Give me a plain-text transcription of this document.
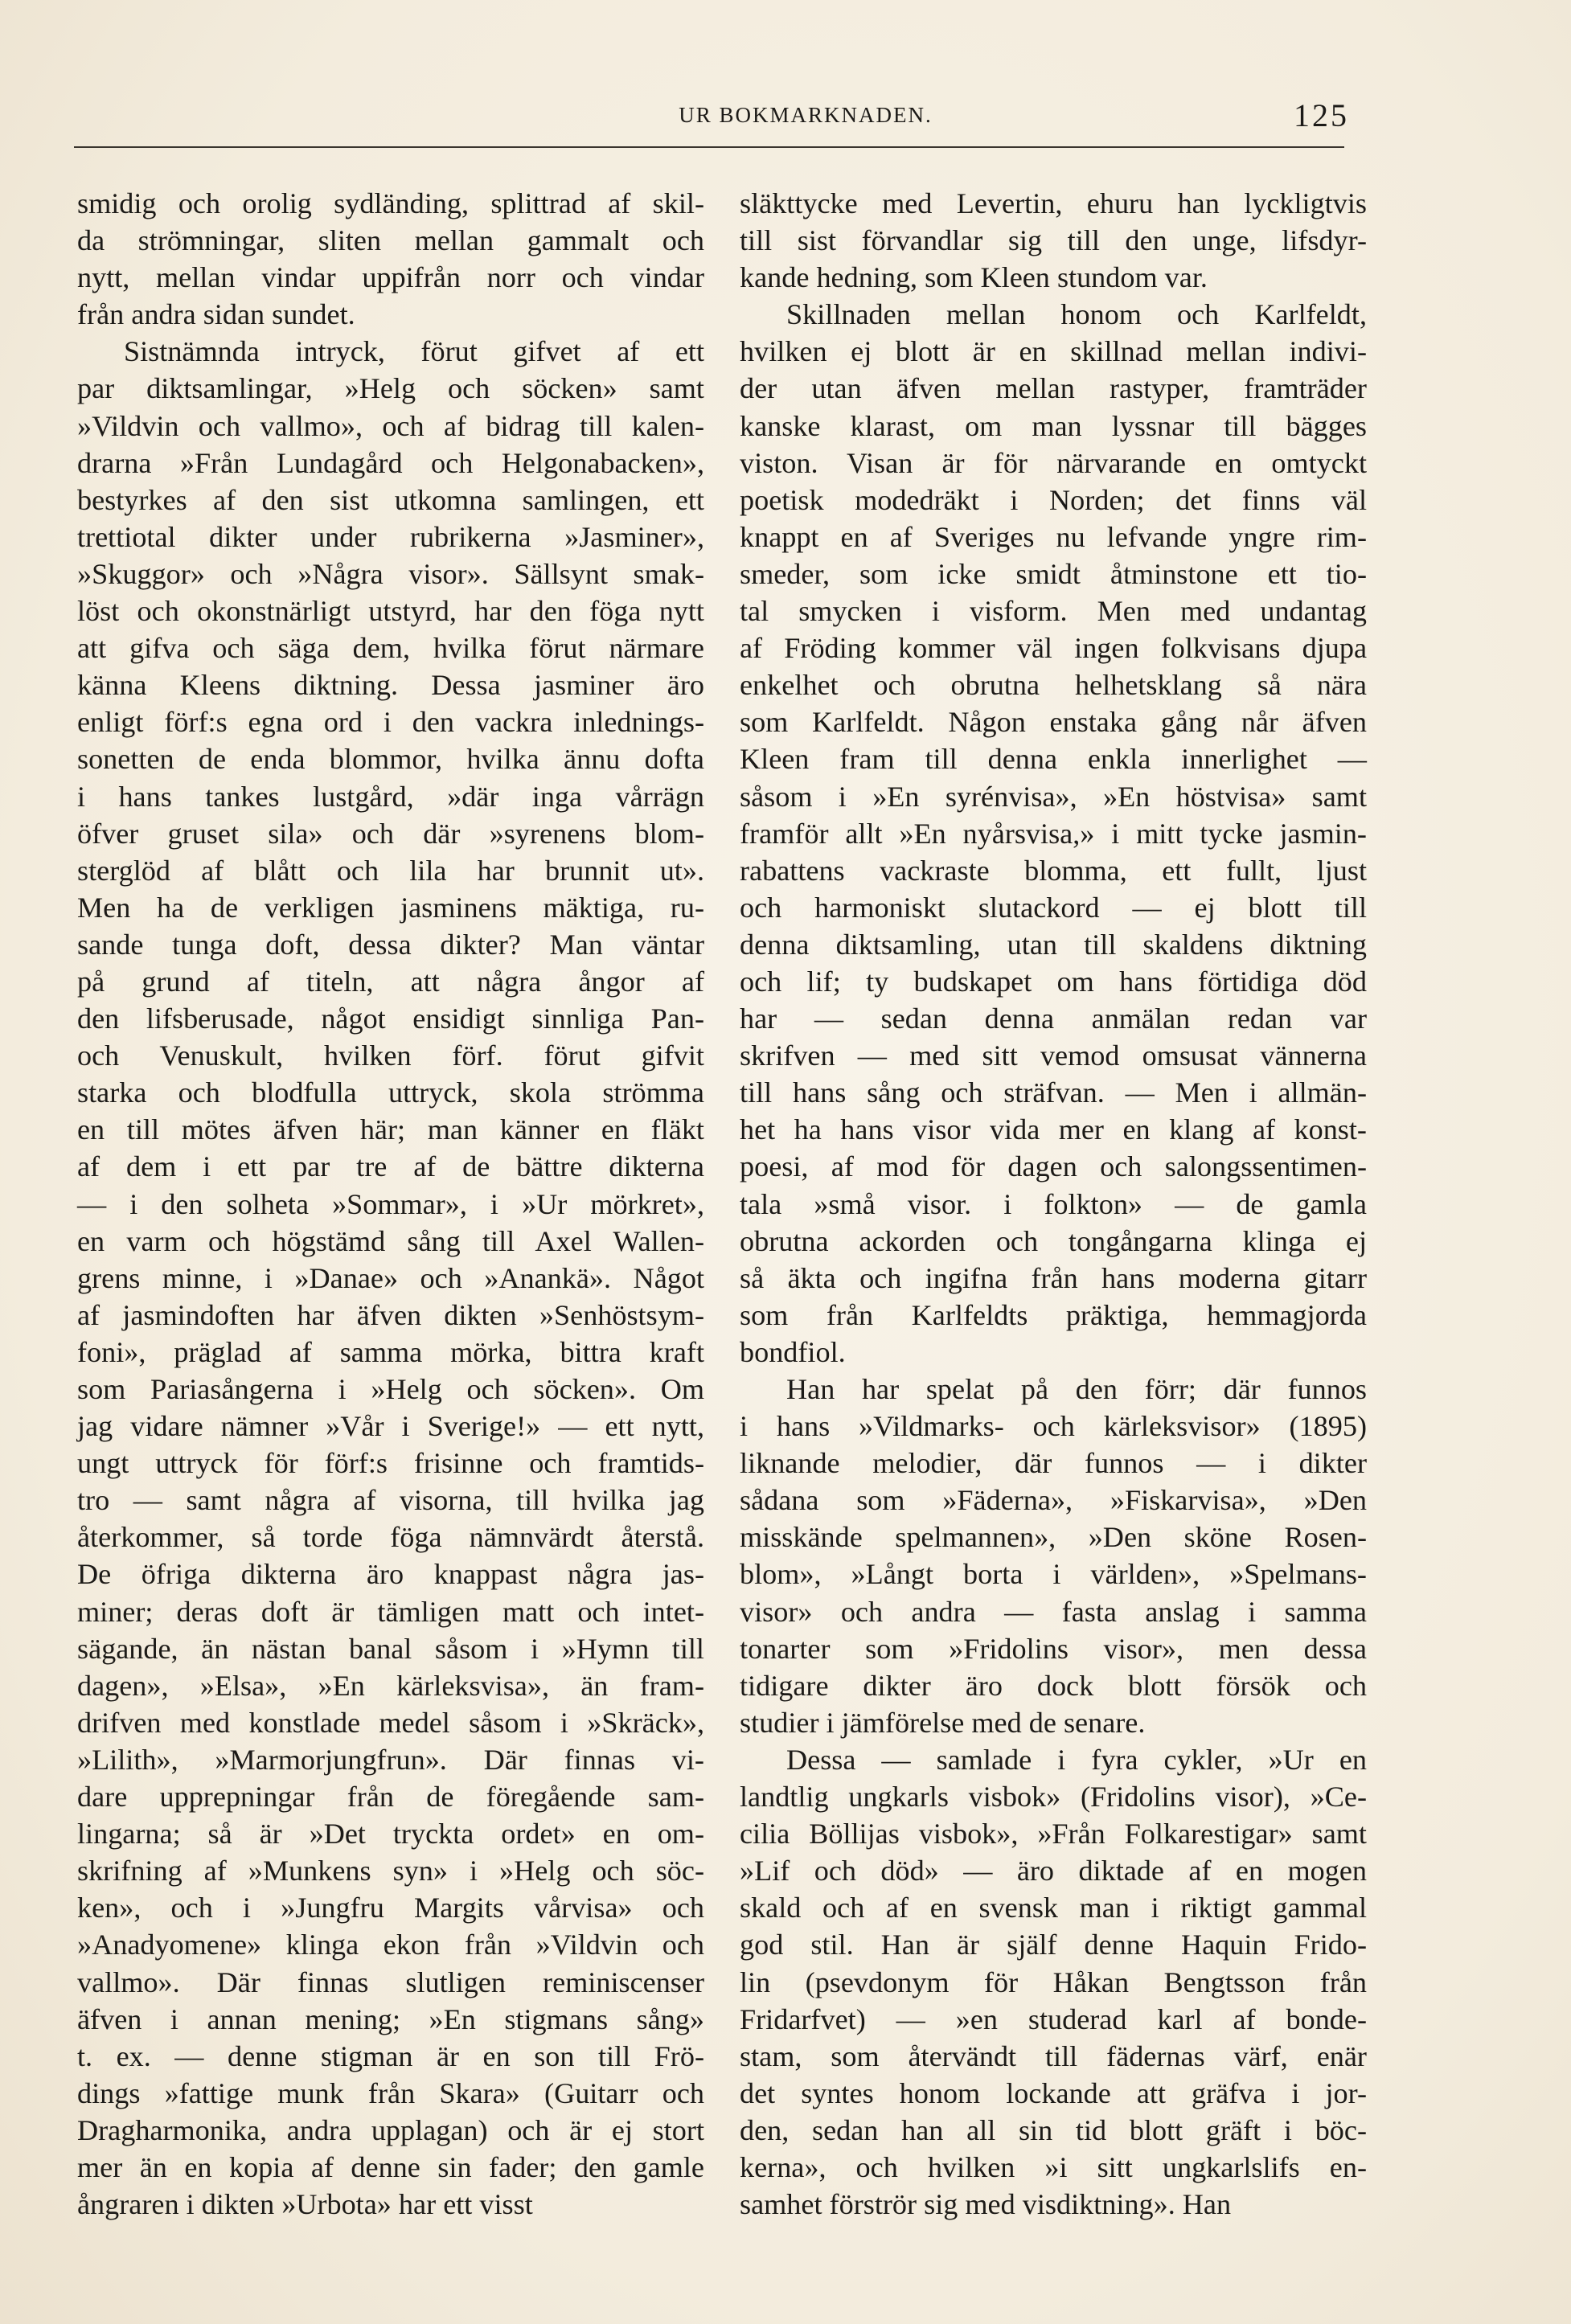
UR BOKMARKNADEN.	125
smidig och orolig sydländing, splittrad af skil-
da strömningar, sliten mellan gammalt och
nytt, mellan vindar uppifrån norr och vindar
från andra sidan sundet.
Sistnämnda intryck, förut gifvet af ett
par diktsamlingar, »Helg och söcken» samt
»Vildvin och vallmo», och af bidrag till kalen-
drarna »Från Lundagård och Helgonabacken»,
bestyrkes af den sist utkomna samlingen, ett
trettiotal dikter under rubrikerna »Jasminer»,
»Skuggor» och »Några visor». Sällsynt smak-
löst och okonstnärligt utstyrd, har den föga nytt
att gifva och säga dem, hvilka förut närmare
känna Kleens diktning. Dessa jasminer äro
enligt förf:s egna ord i den vackra inlednings-
sonetten de enda blommor, hvilka ännu dofta
i hans tankes lustgård, »där inga vårrägn
öfver gruset sila» och där »syrenens blom-
sterglöd af blått och lila har brunnit ut».
Men ha de verkligen jasminens mäktiga, ru-
sande tunga doft, dessa dikter? Man väntar
på grund af titeln, att några ångor af
den lifsberusade, något ensidigt sinnliga Pan-
och Venuskult, hvilken förf. förut gifvit
starka och blodfulla uttryck, skola strömma
en till mötes äfven här; man känner en fläkt
af dem i ett par tre af de bättre dikterna
— i den solheta »Sommar», i »Ur mörkret»,
en varm och högstämd sång till Axel Wallen-
grens minne, i »Danae» och »Anankä». Något
af jasmindoften har äfven dikten »Senhöstsym-
foni», präglad af samma mörka, bittra kraft
som Pariasångerna i »Helg och söcken». Om
jag vidare nämner »Vår i Sverige!» — ett nytt,
ungt uttryck för förf:s frisinne och framtids-
tro — samt några af visorna, till hvilka jag
återkommer, så torde föga nämnvärdt återstå.
De öfriga dikterna äro knappast några jas-
miner; deras doft är tämligen matt och intet-
sägande, än nästan banal såsom i »Hymn till
dagen», »Elsa», »En kärleksvisa», än fram-
drifven med konstlade medel såsom i »Skräck»,
»Lilith», »Marmorjungfrun». Där finnas vi-
dare upprepningar från de föregående sam-
lingarna; så är »Det tryckta ordet» en om-
skrifning af »Munkens syn» i »Helg och söc-
ken», och i »Jungfru Margits vårvisa» och
»Anadyomene» klinga ekon från »Vildvin och
vallmo». Där finnas slutligen reminiscenser
äfven i annan mening; »En stigmans sång»
t. ex. — denne stigman är en son till Frö-
dings »fattige munk från Skara» (Guitarr och
Dragharmonika, andra upplagan) och är ej stort
mer än en kopia af denne sin fader; den gamle
ångraren i dikten »Urbota» har ett visst
släkttycke med Levertin, ehuru han lyckligtvis
till sist förvandlar sig till den unge, lifsdyr-
kande hedning, som Kleen stundom var.
Skillnaden mellan honom och Karlfeldt,
hvilken ej blott är en skillnad mellan indivi-
der utan äfven mellan rastyper, framträder
kanske klarast, om man lyssnar till bägges
viston. Visan är för närvarande en omtyckt
poetisk modedräkt i Norden; det finns väl
knappt en af Sveriges nu lefvande yngre rim-
smeder, som icke smidt åtminstone ett tio-
tal smycken i visform. Men med undantag
af Fröding kommer väl ingen folkvisans djupa
enkelhet och obrutna helhetsklang så nära
som Karlfeldt. Någon enstaka gång når äfven
Kleen fram till denna enkla innerlighet —
såsom i »En syrénvisa», »En höstvisa» samt
framför allt »En nyårsvisa,» i mitt tycke jasmin-
rabattens vackraste blomma, ett fullt, ljust
och harmoniskt slutackord — ej blott till
denna diktsamling, utan till skaldens diktning
och lif; ty budskapet om hans förtidiga död
har — sedan denna anmälan redan var
skrifven — med sitt vemod omsusat vännerna
till hans sång och sträfvan. — Men i allmän-
het ha hans visor vida mer en klang af konst-
poesi, af mod för dagen och salongssentimen-
tala »små visor. i folkton» — de gamla
obrutna ackorden och tongångarna klinga ej
så äkta och ingifna från hans moderna gitarr
som från Karlfeldts präktiga, hemmagjorda
bondfiol.
Han har spelat på den förr; där funnos
i hans »Vildmarks- och kärleksvisor» (1895)
liknande melodier, där funnos — i dikter
sådana som »Fäderna», »Fiskarvisa», »Den
misskände spelmannen», »Den sköne Rosen-
blom», »Långt borta i världen», »Spelmans-
visor» och andra — fasta anslag i samma
tonarter som »Fridolins visor», men dessa
tidigare dikter äro dock blott försök och
studier i jämförelse med de senare.
Dessa — samlade i fyra cykler, »Ur en
landtlig ungkarls visbok» (Fridolins visor), »Ce-
cilia Böllijas visbok», »Från Folkarestigar» samt
»Lif och död» — äro diktade af en mogen
skald och af en svensk man i riktigt gammal
god stil. Han är själf denne Haquin Frido-
lin (psevdonym för Håkan Bengtsson från
Fridarfvet) — »en studerad karl af bonde-
stam, som återvändt till fädernas värf, enär
det syntes honom lockande att gräfva i jor-
den, sedan han all sin tid blott gräft i böc-
kerna», och hvilken »i sitt ungkarlslifs en-
samhet förströr sig med visdiktning». Han
